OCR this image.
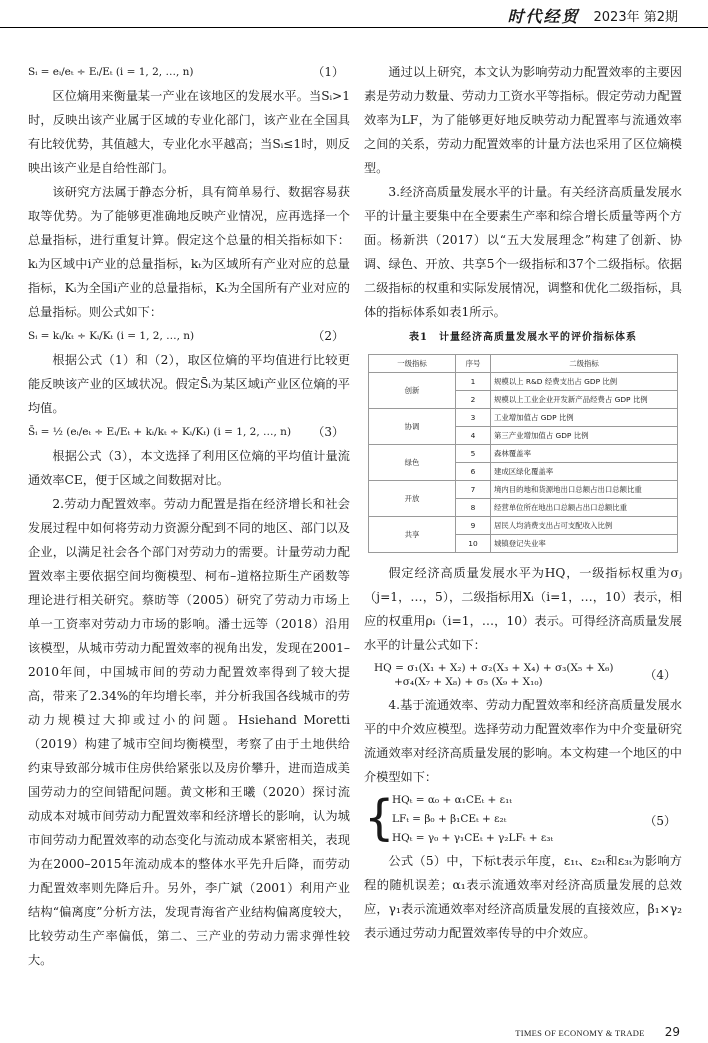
时代经贸 2023年 第2期
Sᵢ = eᵢ/eₜ ÷ Eᵢ/Eₜ (i = 1, 2, …, n)	（1）

区位熵用来衡量某一产业在该地区的发展水平。当Sᵢ>1时，反映出该产业属于区域的专业化部门，该产业在全国具有比较优势，其值越大，专业化水平越高；当Sᵢ≤1时，则反映出该产业是自给性部门。

该研究方法属于静态分析，具有简单易行、数据容易获取等优势。为了能够更准确地反映产业情况，应再选择一个总量指标，进行重复计算。假定这个总量的相关指标如下：kᵢ为区域中i产业的总量指标，kₜ为区域所有产业对应的总量指标，Kᵢ为全国i产业的总量指标，Kₜ为全国所有产业对应的总量指标。则公式如下：

Sᵢ = kᵢ/kₜ ÷ Kᵢ/Kₜ (i = 1, 2, …, n)	（2）

根据公式（1）和（2），取区位熵的平均值进行比较更能反映该产业的区域状况。假定S̄ᵢ为某区域i产业区位熵的平均值。

S̄ᵢ = ½ (eᵢ/eₜ ÷ Eᵢ/Eₜ + kᵢ/kₜ ÷ Kᵢ/Kₜ) (i = 1, 2, …, n) （3）

根据公式（3），本文选择了利用区位熵的平均值计量流通效率CE，便于区域之间数据对比。

2.劳动力配置效率。劳动力配置是指在经济增长和社会发展过程中如何将劳动力资源分配到不同的地区、部门以及企业，以满足社会各个部门对劳动力的需要。计量劳动力配置效率主要依据空间均衡模型、柯布–道格拉斯生产函数等理论进行相关研究。蔡昉等（2005）研究了劳动力市场上单一工资率对劳动力市场的影响。潘士远等（2018）沿用该模型，从城市劳动力配置效率的视角出发，发现在2001–2010年间，中国城市间的劳动力配置效率得到了较大提高，带来了2.34%的年均增长率，并分析我国各线城市的劳动力规模过大抑或过小的问题。Hsiehand Moretti（2019）构建了城市空间均衡模型，考察了由于土地供给约束导致部分城市住房供给紧张以及房价攀升，进而造成美国劳动力的空间错配问题。黄文彬和王曦（2020）探讨流动成本对城市间劳动力配置效率和经济增长的影响，认为城市间劳动力配置效率的动态变化与流动成本紧密相关，表现为在2000–2015年流动成本的整体水平先升后降，而劳动力配置效率则先降后升。另外，李广斌（2001）利用产业结构“偏离度”分析方法，发现青海省产业结构偏离度较大，比较劳动生产率偏低，第二、三产业的劳动力需求弹性较大。

通过以上研究，本文认为影响劳动力配置效率的主要因素是劳动力数量、劳动力工资水平等指标。假定劳动力配置效率为LF，为了能够更好地反映劳动力配置率与流通效率之间的关系，劳动力配置效率的计量方法也采用了区位熵模型。

3.经济高质量发展水平的计量。有关经济高质量发展水平的计量主要集中在全要素生产率和综合增长质量等两个方面。杨新洪（2017）以“五大发展理念”构建了创新、协调、绿色、开放、共享5个一级指标和37个二级指标。依据二级指标的权重和实际发展情况，调整和优化二级指标，具体的指标体系如表1所示。

表1　计量经济高质量发展水平的评价指标体系
一级指标	序号	二级指标
创新	1	规模以上 R&D 经费支出占 GDP 比例
	2	规模以上工业企业开发新产品经费占 GDP 比例
协调	3	工业增加值占 GDP 比例
	4	第三产业增加值占 GDP 比例
绿色	5	森林覆盖率
	6	建成区绿化覆盖率
开放	7	境内目的地和货源地出口总额占出口总额比重
	8	经营单位所在地出口总额占出口总额比重
共享	9	居民人均消费支出占可支配收入比例
	10	城镇登记失业率

假定经济高质量发展水平为HQ，一级指标权重为σⱼ（j=1，…，5），二级指标用Xᵢ（i=1，…，10）表示，相应的权重用ρᵢ（i=1，…，10）表示。可得经济高质量发展水平的计量公式如下：

HQ = σ₁(X₁ + X₂) + σ₂(X₃ + X₄) + σ₃(X₅ + X₆)
+σ₄(X₇ + X₈) + σ₅ (X₉ + X₁₀)	（4）

4.基于流通效率、劳动力配置效率和经济高质量发展水平的中介效应模型。选择劳动力配置效率作为中介变量研究流通效率对经济高质量发展的影响。本文构建一个地区的中介模型如下：

{
HQₜ = α₀ + α₁CEₜ + ε₁ₜ
LFₜ = β₀ + β₁CEₜ + ε₂ₜ
HQₜ = γ₀ + γ₁CEₜ + γ₂LFₜ + ε₃ₜ
（5）

公式（5）中，下标t表示年度，ε₁ₜ、ε₂ₜ和ε₃ₜ为影响方程的随机误差；α₁表示流通效率对经济高质量发展的总效应，γ₁表示流通效率对经济高质量发展的直接效应，β₁×γ₂表示通过劳动力配置效率传导的中介效应。

TIMES OF ECONOMY & TRADE 29
